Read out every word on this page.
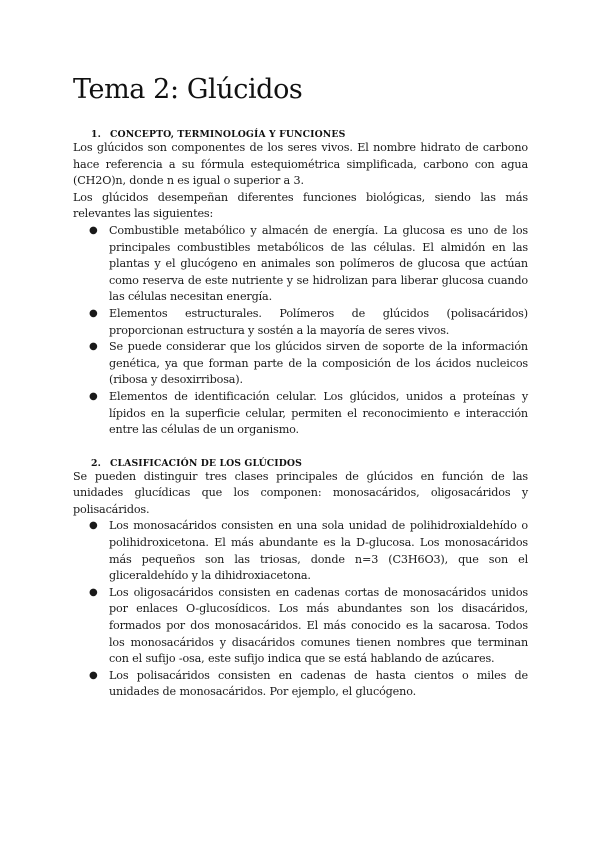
Tema 2: Glúcidos
1. CONCEPTO, TERMINOLOGÍA Y FUNCIONES

Los glúcidos son componentes de los seres vivos. El nombre hidrato de carbono hace referencia a su fórmula estequiométrica simplificada, carbono con agua (CH2O)n, donde n es igual o superior a 3.

Los glúcidos desempeñan diferentes funciones biológicas, siendo las más relevantes las siguientes:

● Combustible metabólico y almacén de energía. La glucosa es uno de los principales combustibles metabólicos de las células. El almidón en las plantas y el glucógeno en animales son polímeros de glucosa que actúan como reserva de este nutriente y se hidrolizan para liberar glucosa cuando las células necesitan energía.
● Elementos estructurales. Polímeros de glúcidos (polisacáridos) proporcionan estructura y sostén a la mayoría de seres vivos.
● Se puede considerar que los glúcidos sirven de soporte de la información genética, ya que forman parte de la composición de los ácidos nucleicos (ribosa y desoxirribosa).
● Elementos de identificación celular. Los glúcidos, unidos a proteínas y lípidos en la superficie celular, permiten el reconocimiento e interacción entre las células de un organismo.
2. CLASIFICACIÓN DE LOS GLÚCIDOS

Se pueden distinguir tres clases principales de glúcidos en función de las unidades glucídicas que los componen: monosacáridos, oligosacáridos y polisacáridos.

● Los monosacáridos consisten en una sola unidad de polihidroxialdehído o polihidroxicetona. El más abundante es la D-glucosa. Los monosacáridos más pequeños son las triosas, donde n=3 (C3H6O3), que son el gliceraldehído y la dihidroxiacetona.
● Los oligosacáridos consisten en cadenas cortas de monosacáridos unidos por enlaces O-glucosídicos. Los más abundantes son los disacáridos, formados por dos monosacáridos. El más conocido es la sacarosa. Todos los monosacáridos y disacáridos comunes tienen nombres que terminan con el sufijo -osa, este sufijo indica que se está hablando de azúcares.
● Los polisacáridos consisten en cadenas de hasta cientos o miles de unidades de monosacáridos. Por ejemplo, el glucógeno.
